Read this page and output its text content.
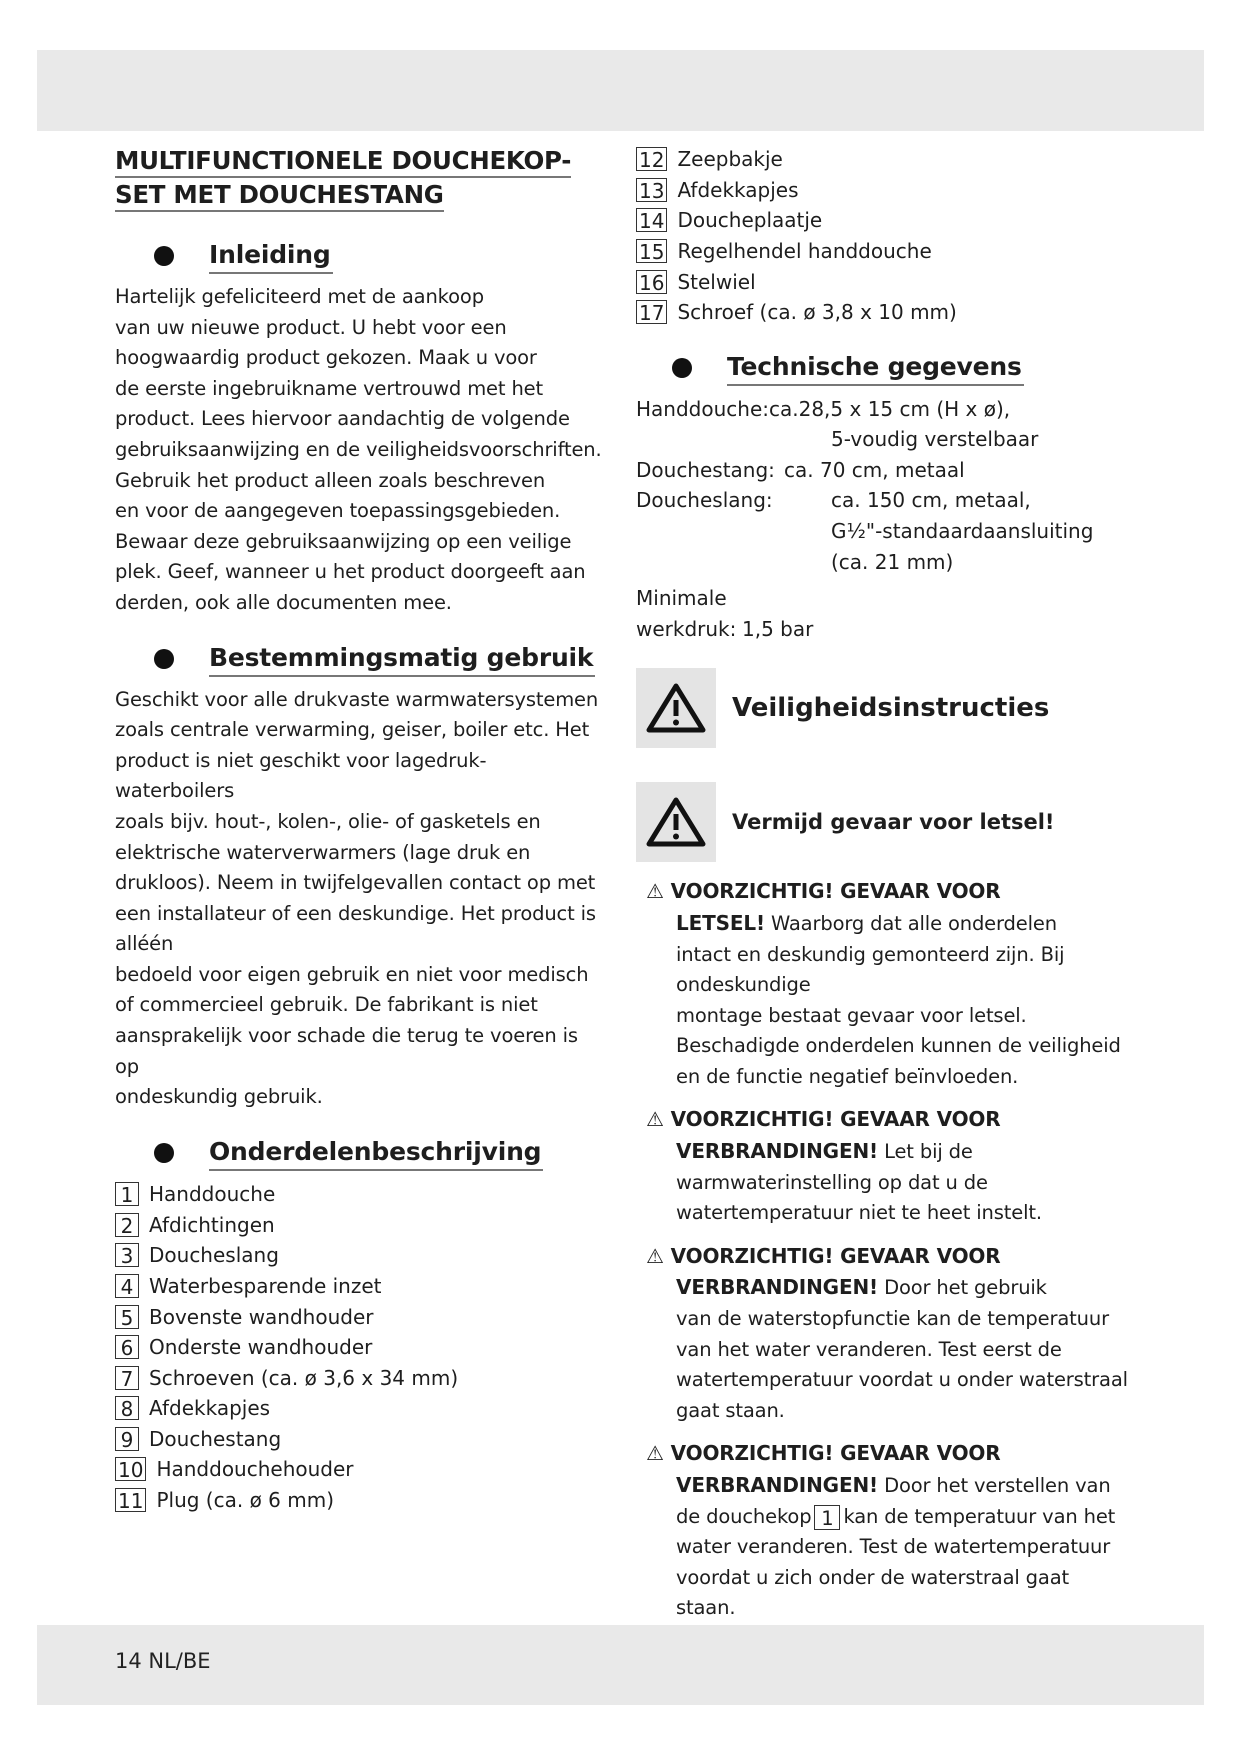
MULTIFUNCTIONELE DOUCHEKOP-
SET MET DOUCHESTANG
Inleiding

Hartelijk gefeliciteerd met de aankoop
van uw nieuwe product. U hebt voor een
hoogwaardig product gekozen. Maak u voor
de eerste ingebruikname vertrouwd met het
product. Lees hiervoor aandachtig de volgende
gebruiksaanwijzing en de veiligheidsvoorschriften.
Gebruik het product alleen zoals beschreven
en voor de aangegeven toepassingsgebieden.
Bewaar deze gebruiksaanwijzing op een veilige
plek. Geef, wanneer u het product doorgeeft aan
derden, ook alle documenten mee.

Bestemmingsmatig gebruik

Geschikt voor alle drukvaste warmwatersystemen
zoals centrale verwarming, geiser, boiler etc. Het
product is niet geschikt voor lagedruk-waterboilers
zoals bijv. hout-, kolen-, olie- of gasketels en
elektrische waterverwarmers (lage druk en
drukloos). Neem in twijfelgevallen contact op met
een installateur of een deskundige. Het product is
alléén
bedoeld voor eigen gebruik en niet voor medisch
of commercieel gebruik. De fabrikant is niet
aansprakelijk voor schade die terug te voeren is op
ondeskundig gebruik.

Onderdelenbeschrijving
1 Handdouche
2 Afdichtingen
3 Doucheslang
4 Waterbesparende inzet
5 Bovenste wandhouder
6 Onderste wandhouder
7 Schroeven (ca. ø 3,6 x 34 mm)
8 Afdekkapjes
9 Douchestang
10 Handdouchehouder
11 Plug (ca. ø 6 mm)
12 Zeepbakje
13 Afdekkapjes
14 Doucheplaatje
15 Regelhendel handdouche
16 Stelwiel
17 Schroef (ca. ø 3,8 x 10 mm)
Technische gegevens
Handdouche:ca.28,5 x 15 cm (H x ø),
5-voudig verstelbaar
Douchestang: ca. 70 cm, metaal
Doucheslang:	ca. 150 cm, metaal,
G½"-standaardaansluiting
(ca. 21 mm)
Minimale
werkdruk: 1,5 bar
Veiligheidsinstructies
Vermijd gevaar voor letsel!

⚠ VOORZICHTIG! GEVAAR VOOR
LETSEL! Waarborg dat alle onderdelen
intact en deskundig gemonteerd zijn. Bij
ondeskundige
montage bestaat gevaar voor letsel.
Beschadigde onderdelen kunnen de veiligheid
en de functie negatief beïnvloeden.

⚠ VOORZICHTIG! GEVAAR VOOR
VERBRANDINGEN! Let bij de
warmwaterinstelling op dat u de
watertemperatuur niet te heet instelt.

⚠ VOORZICHTIG! GEVAAR VOOR
VERBRANDINGEN! Door het gebruik
van de waterstopfunctie kan de temperatuur
van het water veranderen. Test eerst de
watertemperatuur voordat u onder waterstraal
gaat staan.

⚠ VOORZICHTIG! GEVAAR VOOR
VERBRANDINGEN! Door het verstellen van
de douchekop 1 kan de temperatuur van het
water veranderen. Test de watertemperatuur
voordat u zich onder de waterstraal gaat
staan.

14 NL/BE
